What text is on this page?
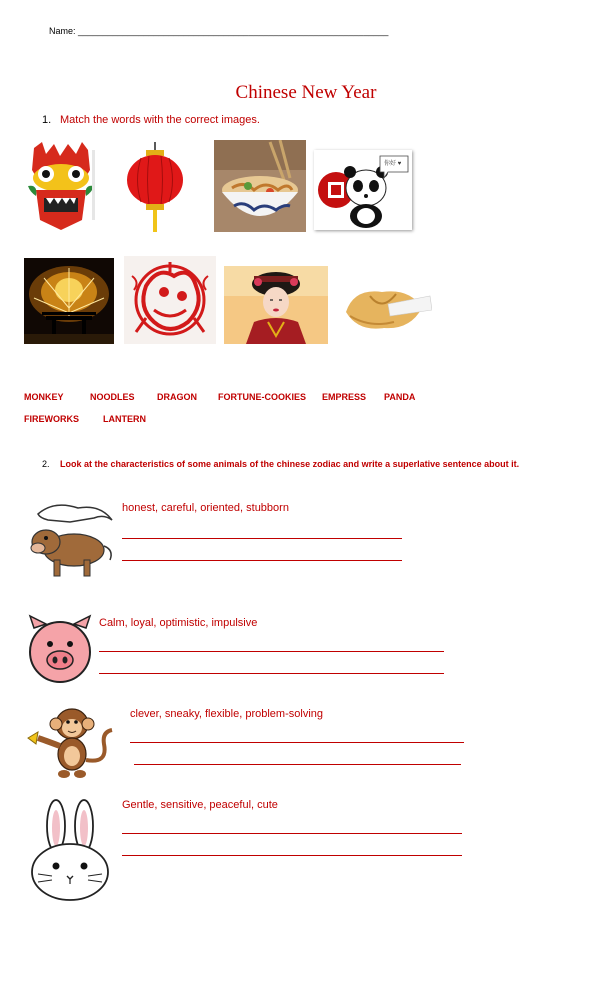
Name: ______________________________________________________________
Chinese New Year
1. Match the words with the correct images.
你好 ♥
MONKEY	NOODLES DRAGON FORTUNE-COOKIES EMPRESS PANDA
FIREWORKS	LANTERN
2. Look at the characteristics of some animals of the chinese zodiac and write a superlative sentence about it.
honest, careful, oriented, stubborn
Calm, loyal, optimistic, impulsive
clever, sneaky, flexible, problem-solving
Gentle, sensitive, peaceful, cute
